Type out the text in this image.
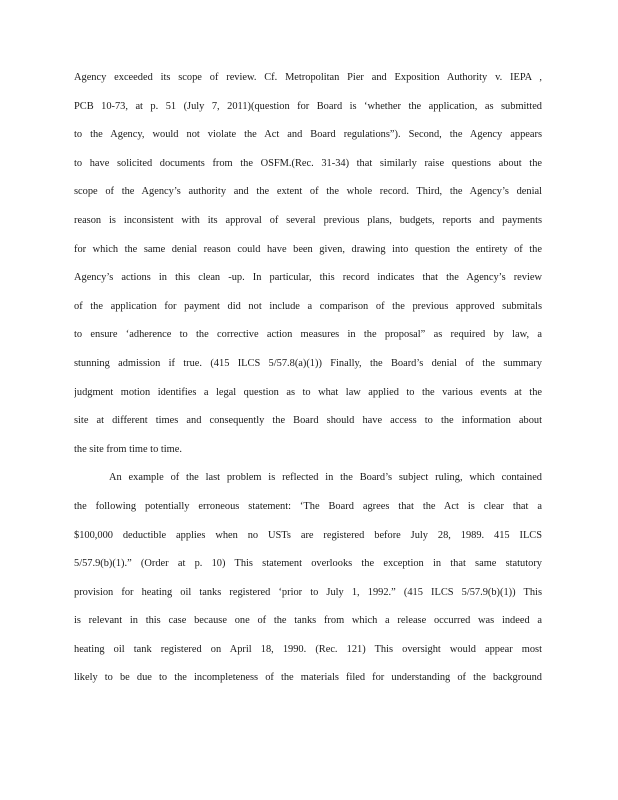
Agency exceeded its scope of review. Cf. Metropolitan Pier and Exposition Authority v. IEPA ,
PCB 10-73, at p. 51 (July 7, 2011)(question for Board is ‘whether the application, as submitted
to the Agency, would not violate the Act and Board regulations”). Second, the Agency appears
to have solicited documents from the OSFM.(Rec. 31-34) that similarly raise questions about the
scope of the Agency’s authority and the extent of the whole record. Third, the Agency’s denial
reason is inconsistent with its approval of several previous plans, budgets, reports and payments
for which the same denial reason could have been given, drawing into question the entirety of the
Agency’s actions in this clean -up. In particular, this record indicates that the Agency’s review
of the application for payment did not include a comparison of the previous approved submitals
to ensure ‘adherence to the corrective action measures in the proposal” as required by law, a
stunning admission if true. (415 ILCS 5/57.8(a)(1)) Finally, the Board’s denial of the summary
judgment motion identifies a legal question as to what law applied to the various events at the
site at different times and consequently the Board should have access to the information about
the site from time to time.
An example of the last problem is reflected in the Board’s subject ruling, which contained
the following potentially erroneous statement: ‘The Board agrees that the Act is clear that a
$100,000 deductible applies when no USTs are registered before July 28, 1989. 415 ILCS
5/57.9(b)(1).” (Order at p. 10) This statement overlooks the exception in that same statutory
provision for heating oil tanks registered ‘prior to July 1, 1992.” (415 ILCS 5/57.9(b)(1)) This
is relevant in this case because one of the tanks from which a release occurred was indeed a
heating oil tank registered on April 18, 1990. (Rec. 121) This oversight would appear most
likely to be due to the incompleteness of the materials filed for understanding of the background
